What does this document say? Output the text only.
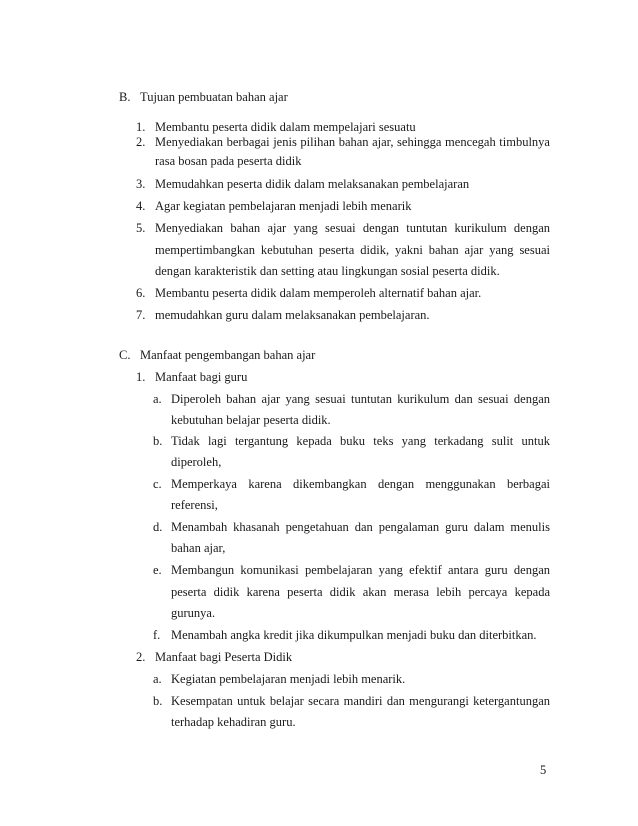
B. Tujuan pembuatan bahan ajar
1. Membantu peserta didik dalam mempelajari sesuatu
2. Menyediakan berbagai jenis pilihan bahan ajar, sehingga mencegah timbulnya
rasa bosan pada peserta didik
3. Memudahkan peserta didik dalam melaksanakan pembelajaran
4. Agar kegiatan pembelajaran menjadi lebih menarik
5. Menyediakan bahan ajar yang sesuai dengan tuntutan kurikulum dengan
mempertimbangkan kebutuhan peserta didik, yakni bahan ajar yang sesuai
dengan karakteristik dan setting atau lingkungan sosial peserta didik.
6. Membantu peserta didik dalam memperoleh alternatif bahan ajar.
7. memudahkan guru dalam melaksanakan pembelajaran.
C. Manfaat pengembangan bahan ajar
1. Manfaat bagi guru
a. Diperoleh bahan ajar yang sesuai tuntutan kurikulum dan sesuai dengan
kebutuhan belajar peserta didik.
b. Tidak lagi tergantung kepada buku teks yang terkadang sulit untuk
diperoleh,
c. Memperkaya karena dikembangkan dengan menggunakan berbagai
referensi,
d. Menambah khasanah pengetahuan dan pengalaman guru dalam menulis
bahan ajar,
e. Membangun komunikasi pembelajaran yang efektif antara guru dengan
peserta didik karena peserta didik akan merasa lebih percaya kepada
gurunya.
f. Menambah angka kredit jika dikumpulkan menjadi buku dan diterbitkan.
2. Manfaat bagi Peserta Didik
a. Kegiatan pembelajaran menjadi lebih menarik.
b. Kesempatan untuk belajar secara mandiri dan mengurangi ketergantungan
terhadap kehadiran guru.
5
